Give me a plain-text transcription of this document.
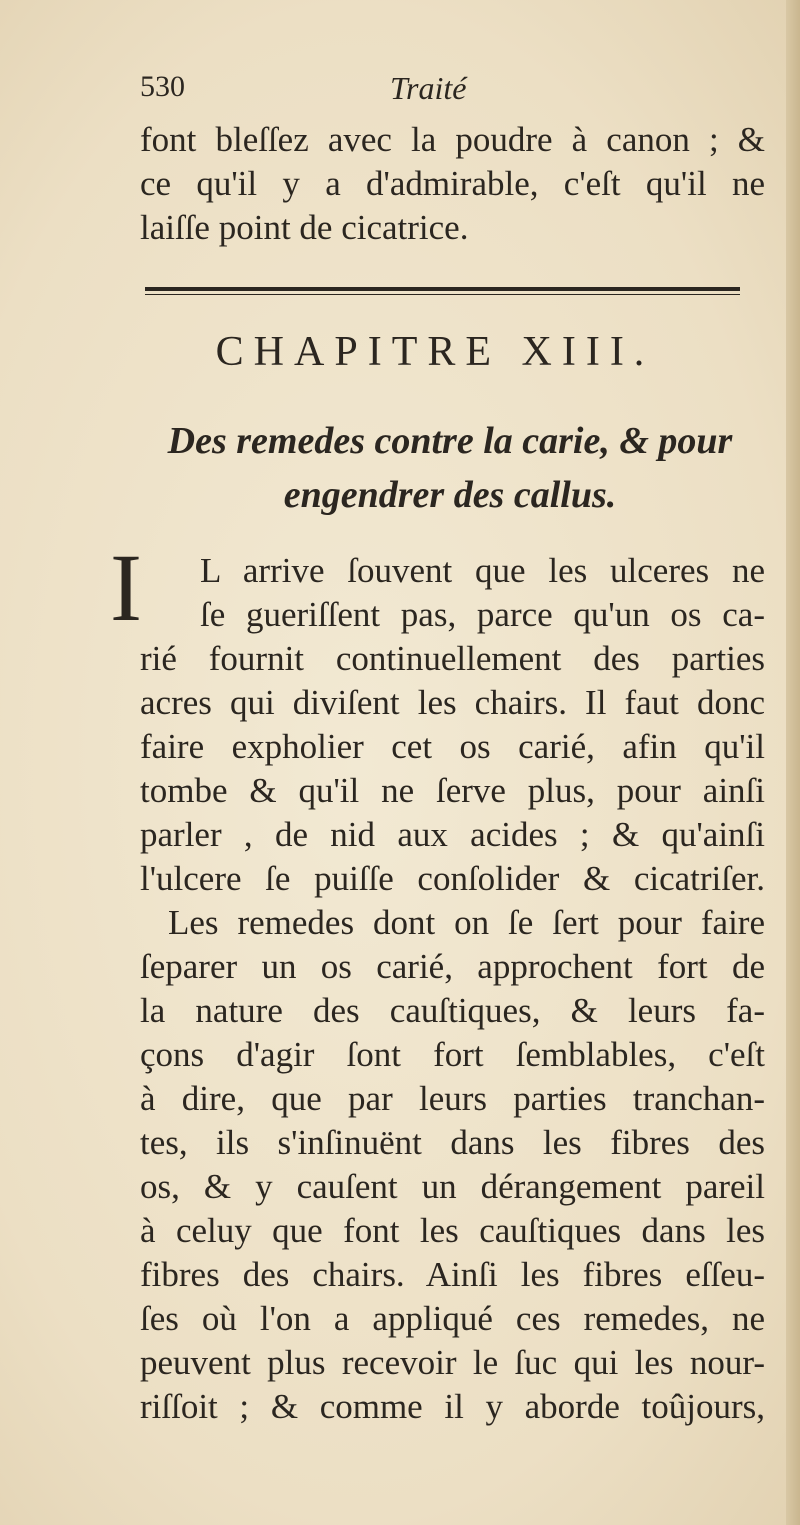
530	Traité
font bleſſez avec la poudre à canon ; &
ce qu'il y a d'admirable, c'eſt qu'il ne
laiſſe point de cicatrice.
CHAPITRE XIII.
Des remedes contre la carie, & pour
engendrer des callus.
I	L arrive ſouvent que les ulceres ne
ſe gueriſſent pas, parce qu'un os ca-
rié fournit continuellement des parties
acres qui diviſent les chairs. Il faut donc
faire expholier cet os carié, afin qu'il
tombe & qu'il ne ſerve plus, pour ainſi
parler , de nid aux acides ; & qu'ainſi
l'ulcere ſe puiſſe conſolider & cicatriſer.
Les remedes dont on ſe ſert pour faire
ſeparer un os carié, approchent fort de
la nature des cauſtiques, & leurs fa-
çons d'agir ſont fort ſemblables, c'eſt
à dire, que par leurs parties tranchan-
tes, ils s'inſinuënt dans les fibres des
os, & y cauſent un dérangement pareil
à celuy que font les cauſtiques dans les
fibres des chairs. Ainſi les fibres eſſeu-
ſes où l'on a appliqué ces remedes, ne
peuvent plus recevoir le ſuc qui les nour-
riſſoit ; & comme il y aborde toûjours,
